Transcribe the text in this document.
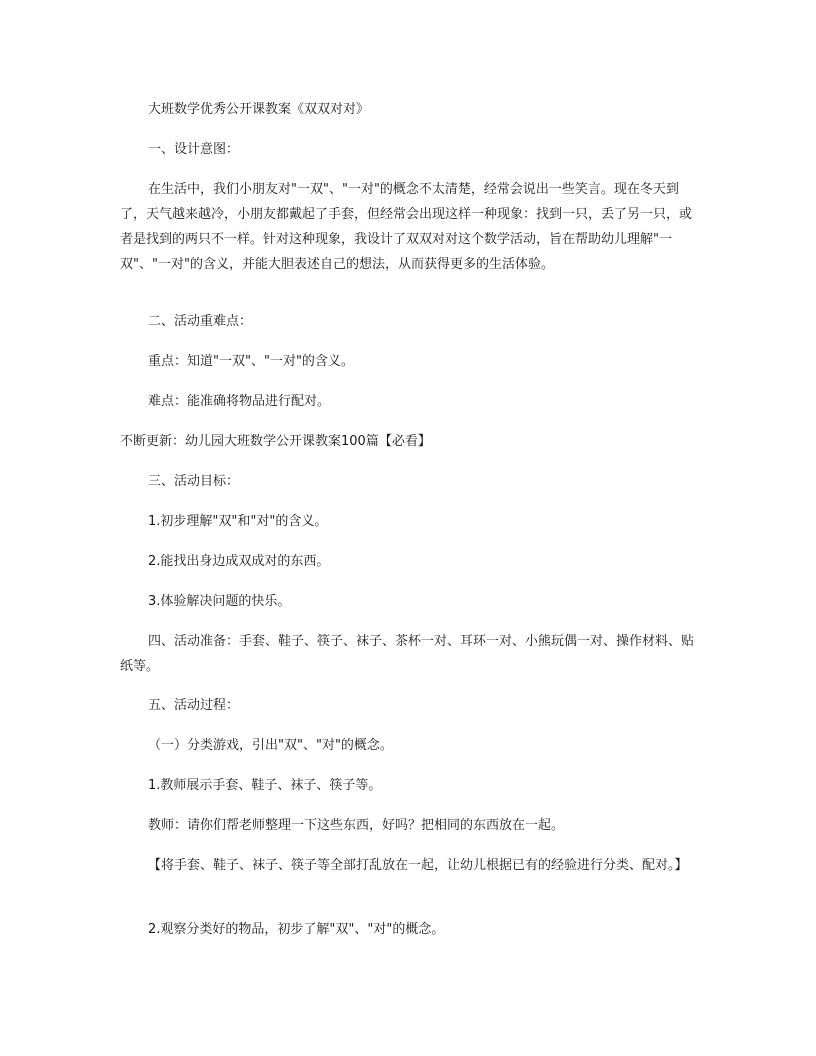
大班数学优秀公开课教案《双双对对》

一、设计意图：

在生活中，我们小朋友对"一双"、"一对"的概念不太清楚，经常会说出一些笑言。现在冬天到了，天气越来越冷，小朋友都戴起了手套，但经常会出现这样一种现象：找到一只，丢了另一只，或者是找到的两只不一样。针对这种现象，我设计了双双对对这个数学活动，旨在帮助幼儿理解"一双"、"一对"的含义，并能大胆表述自己的想法，从而获得更多的生活体验。

二、活动重难点：

重点：知道"一双"、"一对"的含义。

难点：能准确将物品进行配对。

不断更新：幼儿园大班数学公开课教案100篇【必看】

三、活动目标：

1.初步理解"双"和"对"的含义。

2.能找出身边成双成对的东西。

3.体验解决问题的快乐。

四、活动准备：手套、鞋子、筷子、袜子、茶杯一对、耳环一对、小熊玩偶一对、操作材料、贴纸等。

五、活动过程：

（一）分类游戏，引出"双"、"对"的概念。

1.教师展示手套、鞋子、袜子、筷子等。

教师：请你们帮老师整理一下这些东西，好吗？把相同的东西放在一起。

【将手套、鞋子、袜子、筷子等全部打乱放在一起，让幼儿根据已有的经验进行分类、配对。】

2.观察分类好的物品，初步了解"双"、"对"的概念。
